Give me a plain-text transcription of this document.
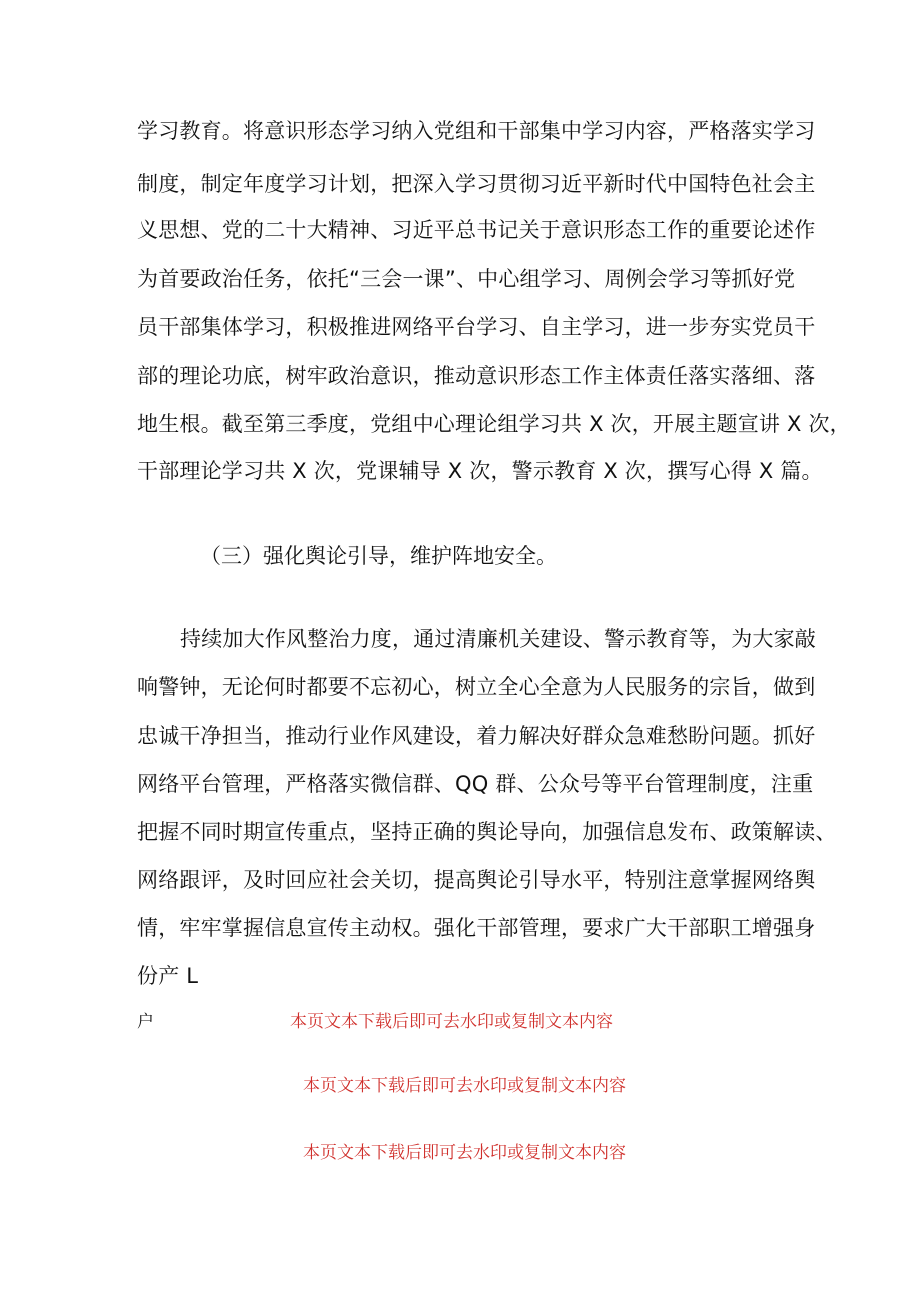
学习教育。将意识形态学习纳入党组和干部集中学习内容，严格落实学习
制度，制定年度学习计划，把深入学习贯彻习近平新时代中国特色社会主
义思想、党的二十大精神、习近平总书记关于意识形态工作的重要论述作
为首要政治任务，依托“三会一课”、中心组学习、周例会学习等抓好党
员干部集体学习，积极推进网络平台学习、自主学习，进一步夯实党员干
部的理论功底，树牢政治意识，推动意识形态工作主体责任落实落细、落
地生根。截至第三季度，党组中心理论组学习共 X 次，开展主题宣讲 X 次，
干部理论学习共 X 次，党课辅导 X 次，警示教育 X 次，撰写心得 X 篇。
（三）强化舆论引导，维护阵地安全。
持续加大作风整治力度，通过清廉机关建设、警示教育等，为大家敲
响警钟，无论何时都要不忘初心，树立全心全意为人民服务的宗旨，做到
忠诚干净担当，推动行业作风建设，着力解决好群众急难愁盼问题。抓好
网络平台管理，严格落实微信群、QQ 群、公众号等平台管理制度，注重
把握不同时期宣传重点，坚持正确的舆论导向，加强信息发布、政策解读、
网络跟评，及时回应社会关切，提高舆论引导水平，特别注意掌握网络舆
情，牢牢掌握信息宣传主动权。强化干部管理，要求广大干部职工增强身
份产 L
户	本页文本下载后即可去水印或复制文本内容
本页文本下载后即可去水印或复制文本内容
本页文本下载后即可去水印或复制文本内容
